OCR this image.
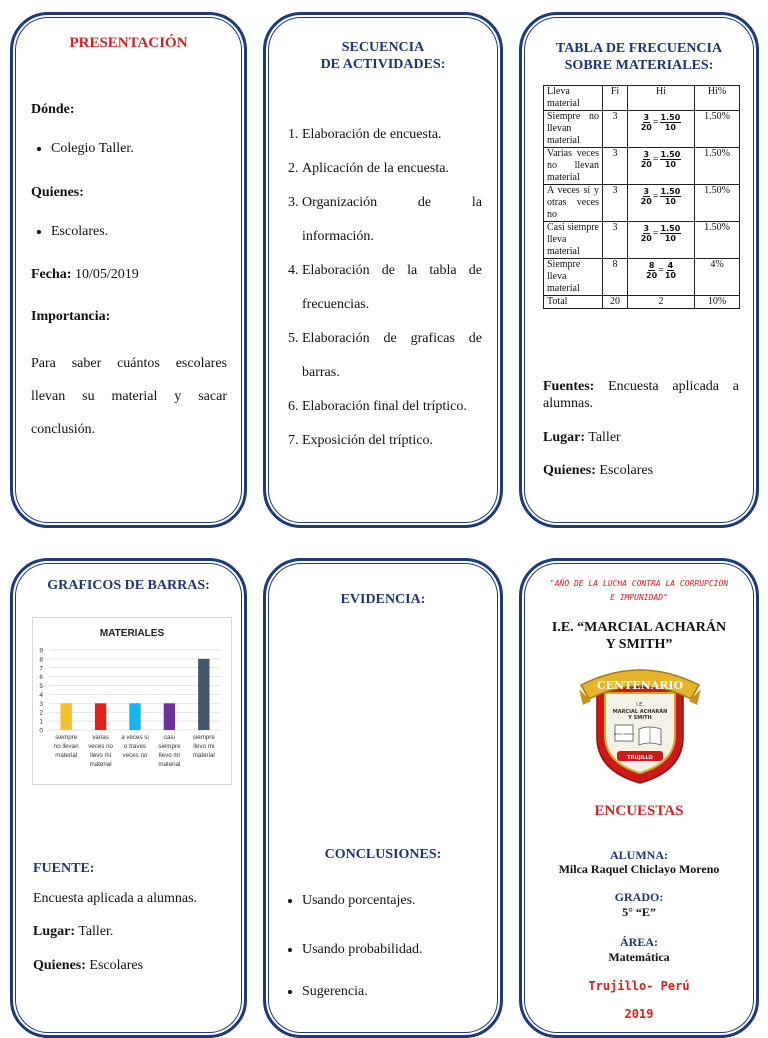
PRESENTACIÓN
Dónde:
• Colegio Taller.
Quienes:
• Escolares.
Fecha: 10/05/2019
Importancia:
Para saber cuántos escolares llevan su material y sacar conclusión.
SECUENCIA
DE ACTIVIDADES:
1. Elaboración de encuesta.
2. Aplicación de la encuesta.
3. Organización de la información.
4. Elaboración de la tabla de frecuencias.
5. Elaboración de graficas de barras.
6. Elaboración final del tríptico.
7. Exposición del tríptico.
TABLA DE FRECUENCIA
SOBRE MATERIALES:
Lleva material	Fi	Hi	Hi%
Siempre no llevan material	3	$\frac{3}{20} = \frac{1.50}{10}$	1.50%
Varias veces no llevan material	3	$\frac{3}{20} = \frac{1.50}{10}$	1.50%
A veces sí y otras veces no	3	$\frac{3}{20} = \frac{1.50}{10}$	1.50%
Casi siempre lleva material	3	$\frac{3}{20} = \frac{1.50}{10}$	1.50%
Siempre lleva material	8	$\frac{8}{20} = \frac{4}{10}$	4%
Total	20	2	10%
Fuentes: Encuesta aplicada a alumnas.
Lugar: Taller
Quienes: Escolares
GRAFICOS DE BARRAS:
MATERIALES
0
1
2
3
4
5
6
7
8
9
siempre
no llevan
material
varias
veces no
llevo mi
material
a veces si
o traves
veces no
casi
siempre
llevo mi
material
siempre
llevo mi
material
FUENTE:
Encuesta aplicada a alumnas.
Lugar: Taller.
Quienes: Escolares
EVIDENCIA:
CONCLUSIONES:
• Usando porcentajes.
• Usando probabilidad.
• Sugerencia.
"AÑO DE LA LUCHA CONTRA LA CORRUPCION
E IMPUNIDAD"
I.E. “MARCIAL ACHARÁN
Y SMITH”
CENTENARIO
I.E.
MARCIAL ACHARÁN
Y SMITH
DIOS Y PATRIA
TRUJILLO
ENCUESTAS
ALUMNA:
Milca Raquel Chiclayo Moreno
GRADO:
5° “E”
ÁREA:
Matemática
Trujillo- Perú
2019
